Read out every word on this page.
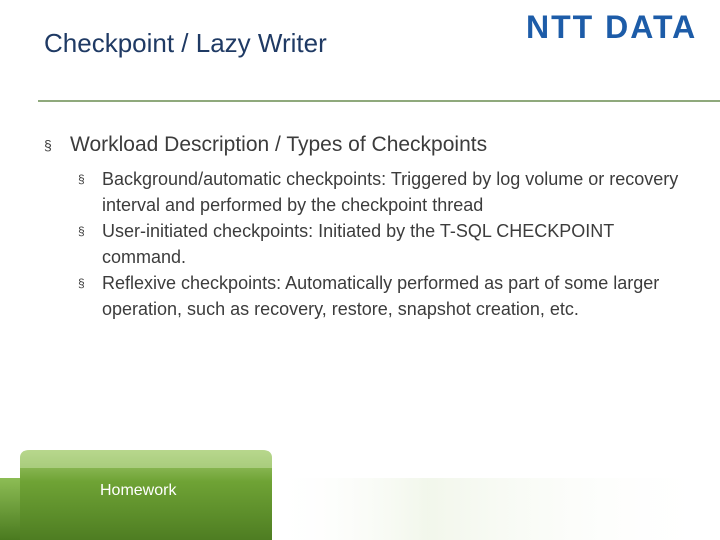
Checkpoint / Lazy Writer	NTT DATA
§ Workload Description / Types of Checkpoints
§ Background/automatic checkpoints: Triggered by log volume or recovery interval and performed by the checkpoint thread
§ User-initiated checkpoints: Initiated by the T-SQL CHECKPOINT command.
§ Reflexive checkpoints: Automatically performed as part of some larger operation, such as recovery, restore, snapshot creation, etc.
Homework
